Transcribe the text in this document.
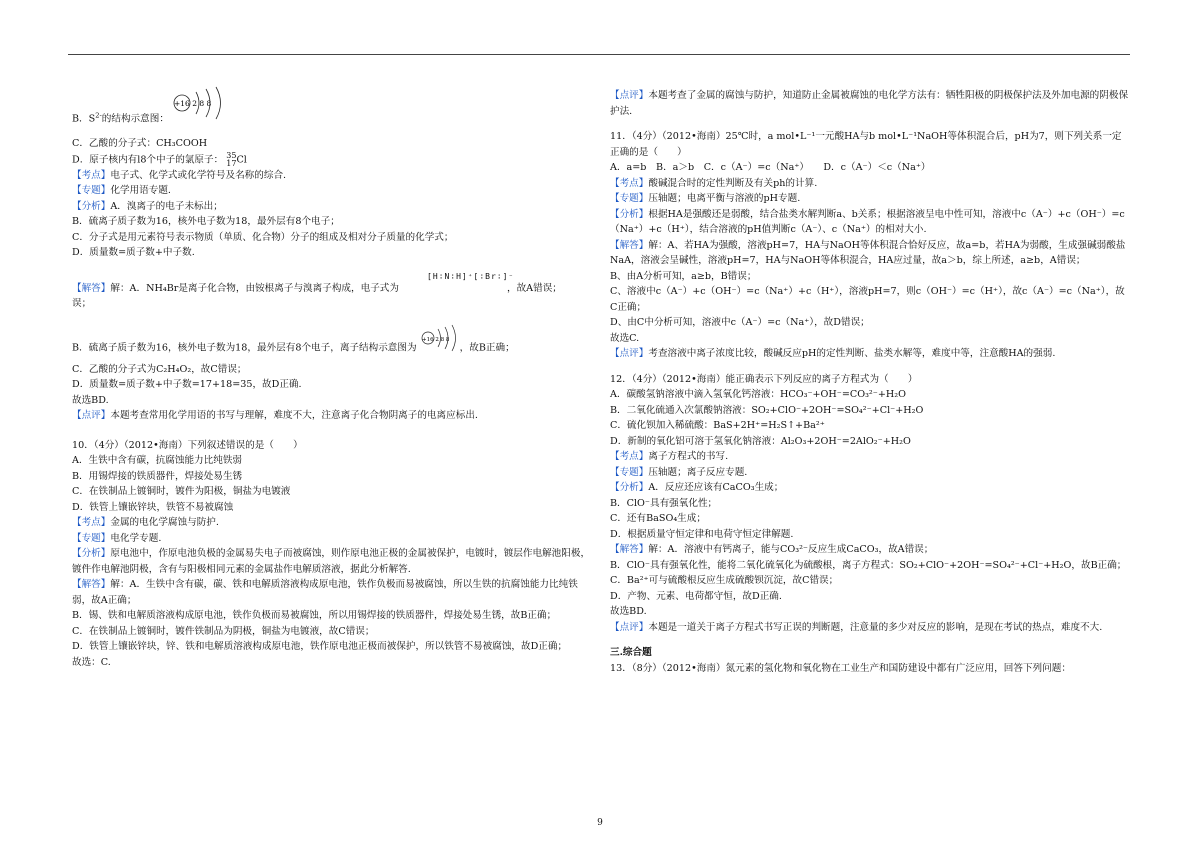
B．$S^{2-}$的结构示意图：
+16 2 8 8

C．乙酸的分子式：CH₃COOH

D．原子核内有l8个中子的氯原子： 35
17Cl

【考点】电子式、化学式或化学符号及名称的综合.

【专题】化学用语专题.

【分析】A．溴离子的电子未标出；

B．硫离子质子数为16，核外电子数为18，最外层有8个电子；

C．分子式是用元素符号表示物质（单质、化合物）分子的组成及相对分子质量的化学式；

D．质量数=质子数+中子数.

[H∶N∶H]⁺[∶Br∶]⁻

【解答】解：A．NH₄Br是离子化合物，由铵根离子与溴离子构成，电子式为	，故A错误；

误；

B．硫离子质子数为16，核外电子数为18，最外层有8个电子，离子结构示意图为
+16 2 8 8
，故B正确；

C．乙酸的分子式为C₂H₄O₂，故C错误；

D．质量数=质子数+中子数=17+18=35，故D正确.

故选BD.

【点评】本题考查常用化学用语的书写与理解，难度不大，注意离子化合物阴离子的电离应标出.

10．（4分）（2012•海南）下列叙述错误的是（　　）

A．生铁中含有碳，抗腐蚀能力比纯铁弱

B．用锡焊接的铁质器件，焊接处易生锈

C．在铁制品上镀铜时，镀件为阳极，铜盐为电镀液

D．铁管上镶嵌锌块，铁管不易被腐蚀

【考点】金属的电化学腐蚀与防护.

【专题】电化学专题.

【分析】原电池中，作原电池负极的金属易失电子而被腐蚀，则作原电池正极的金属被保护，电镀时，镀层作电解池阳极，镀件作电解池阴极，含有与阳极相同元素的金属盐作电解质溶液，据此分析解答.

【解答】解：A．生铁中含有碳，碳、铁和电解质溶液构成原电池，铁作负极而易被腐蚀，所以生铁的抗腐蚀能力比纯铁弱，故A正确；

B．锡、铁和电解质溶液构成原电池，铁作负极而易被腐蚀，所以用锡焊接的铁质器件，焊接处易生锈，故B正确；

C．在铁制品上镀铜时，镀件铁制品为阴极，铜盐为电镀液，故C错误；

D．铁管上镶嵌锌块，锌、铁和电解质溶液构成原电池，铁作原电池正极而被保护，所以铁管不易被腐蚀，故D正确；

故选：C.

【点评】本题考查了金属的腐蚀与防护，知道防止金属被腐蚀的电化学方法有：牺牲阳极的阴极保护法及外加电源的阴极保护法.

11．（4分）（2012•海南）25℃时，a mol•L⁻¹一元酸HA与b mol•L⁻¹NaOH等体积混合后，pH为7，则下列关系一定正确的是（　　）

A．a=b　B．a＞b　C．c（A⁻）=c（Na⁺）　　D．c（A⁻）＜c（Na⁺）

【考点】酸碱混合时的定性判断及有关ph的计算.

【专题】压轴题；电离平衡与溶液的pH专题.

【分析】根据HA是强酸还是弱酸，结合盐类水解判断a、b关系；根据溶液呈电中性可知，溶液中c（A⁻）+c（OH⁻）=c（Na⁺）+c（H⁺），结合溶液的pH值判断c（A⁻）、c（Na⁺）的相对大小.

【解答】解：A、若HA为强酸，溶液pH=7，HA与NaOH等体积混合恰好反应，故a=b，若HA为弱酸，生成强碱弱酸盐NaA，溶液会呈碱性，溶液pH=7，HA与NaOH等体积混合，HA应过量，故a＞b，综上所述，a≥b，A错误；

B、由A分析可知，a≥b，B错误；

C、溶液中c（A⁻）+c（OH⁻）=c（Na⁺）+c（H⁺），溶液pH=7，则c（OH⁻）=c（H⁺），故c（A⁻）=c（Na⁺），故C正确；

D、由C中分析可知，溶液中c（A⁻）=c（Na⁺），故D错误；

故选C.

【点评】考查溶液中离子浓度比较，酸碱反应pH的定性判断、盐类水解等，难度中等，注意酸HA的强弱.

12．（4分）（2012•海南）能正确表示下列反应的离子方程式为（　　）

A．碳酸氢钠溶液中滴入氢氧化钙溶液：HCO₃⁻+OH⁻=CO₃²⁻+H₂O

B．二氧化硫通入次氯酸钠溶液：SO₂+ClO⁻+2OH⁻=SO₄²⁻+Cl⁻+H₂O

C．硫化钡加入稀硫酸：BaS+2H⁺=H₂S↑+Ba²⁺

D．新制的氧化铝可溶于氢氧化钠溶液：Al₂O₃+2OH⁻=2AlO₂⁻+H₂O

【考点】离子方程式的书写.

【专题】压轴题；离子反应专题.

【分析】A．反应还应该有CaCO₃生成；

B．ClO⁻具有强氧化性；

C．还有BaSO₄生成；

D．根据质量守恒定律和电荷守恒定律解题.

【解答】解：A．溶液中有钙离子，能与CO₃²⁻反应生成CaCO₃，故A错误；

B．ClO⁻具有强氧化性，能将二氧化硫氧化为硫酸根，离子方程式：SO₂+ClO⁻+2OH⁻=SO₄²⁻+Cl⁻+H₂O，故B正确；

C．Ba²⁺可与硫酸根反应生成硫酸钡沉淀，故C错误；

D．产物、元素、电荷都守恒，故D正确.

故选BD.

【点评】本题是一道关于离子方程式书写正误的判断题，注意量的多少对反应的影响，是现在考试的热点，难度不大.

三.综合题

13．（8分）（2012•海南）氮元素的氢化物和氧化物在工业生产和国防建设中都有广泛应用，回答下列问题：

9
